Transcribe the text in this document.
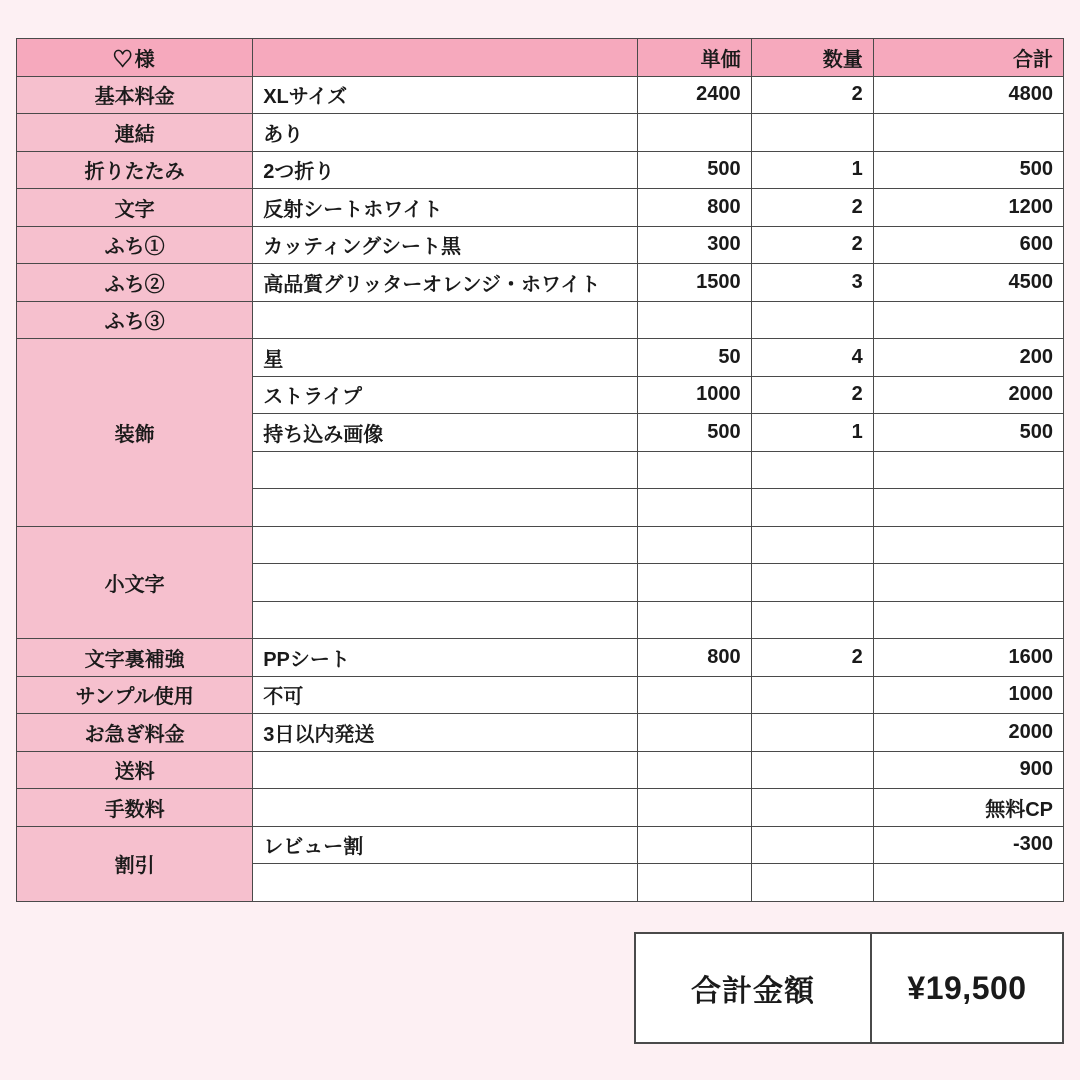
♡様		単価	数量	合計
基本料金	XLサイズ	2400	2	4800
連結	あり			
折りたたみ	2つ折り	500	1	500
文字	反射シートホワイト	800	2	1200
ふち①	カッティングシート黒	300	2	600
ふち②	高品質グリッターオレンジ・ホワイト	1500	3	4500
ふち③				
装飾	星	50	4	200
	ストライプ	1000	2	2000
	持ち込み画像	500	1	500

小文字				

文字裏補強	PPシート	800	2	1600
サンプル使用	不可			1000
お急ぎ料金	3日以内発送			2000
送料				900
手数料				無料CP
割引	レビュー割			-300

合計金額	¥19,500
